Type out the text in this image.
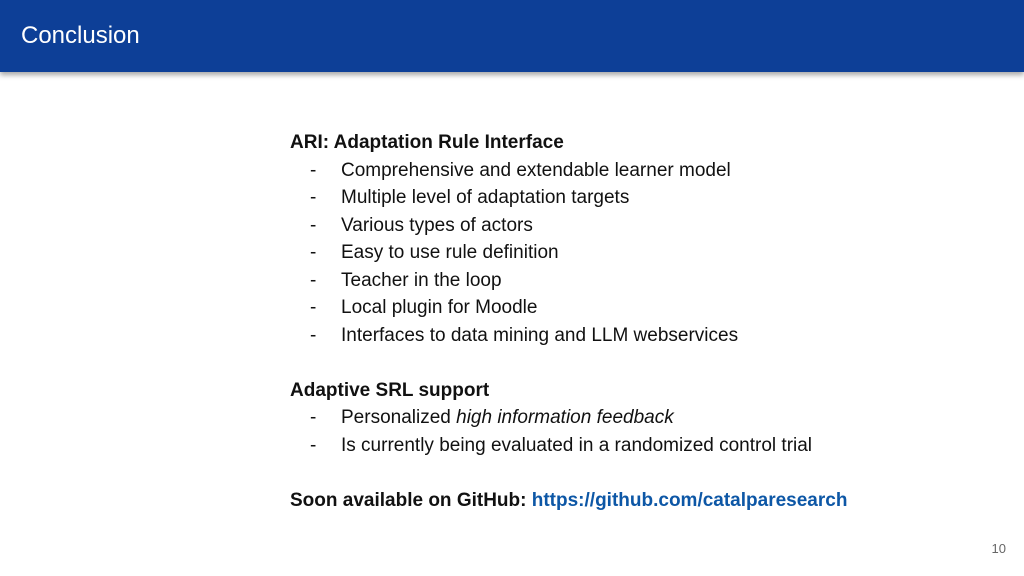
Conclusion
ARI: Adaptation Rule Interface
-	Comprehensive and extendable learner model
-	Multiple level of adaptation targets
-	Various types of actors
-	Easy to use rule definition
-	Teacher in the loop
-	Local plugin for Moodle
-	Interfaces to data mining and LLM webservices
Adaptive SRL support
-	Personalized high information feedback
-	Is currently being evaluated in a randomized control trial
Soon available on GitHub: https://github.com/catalparesearch
10
